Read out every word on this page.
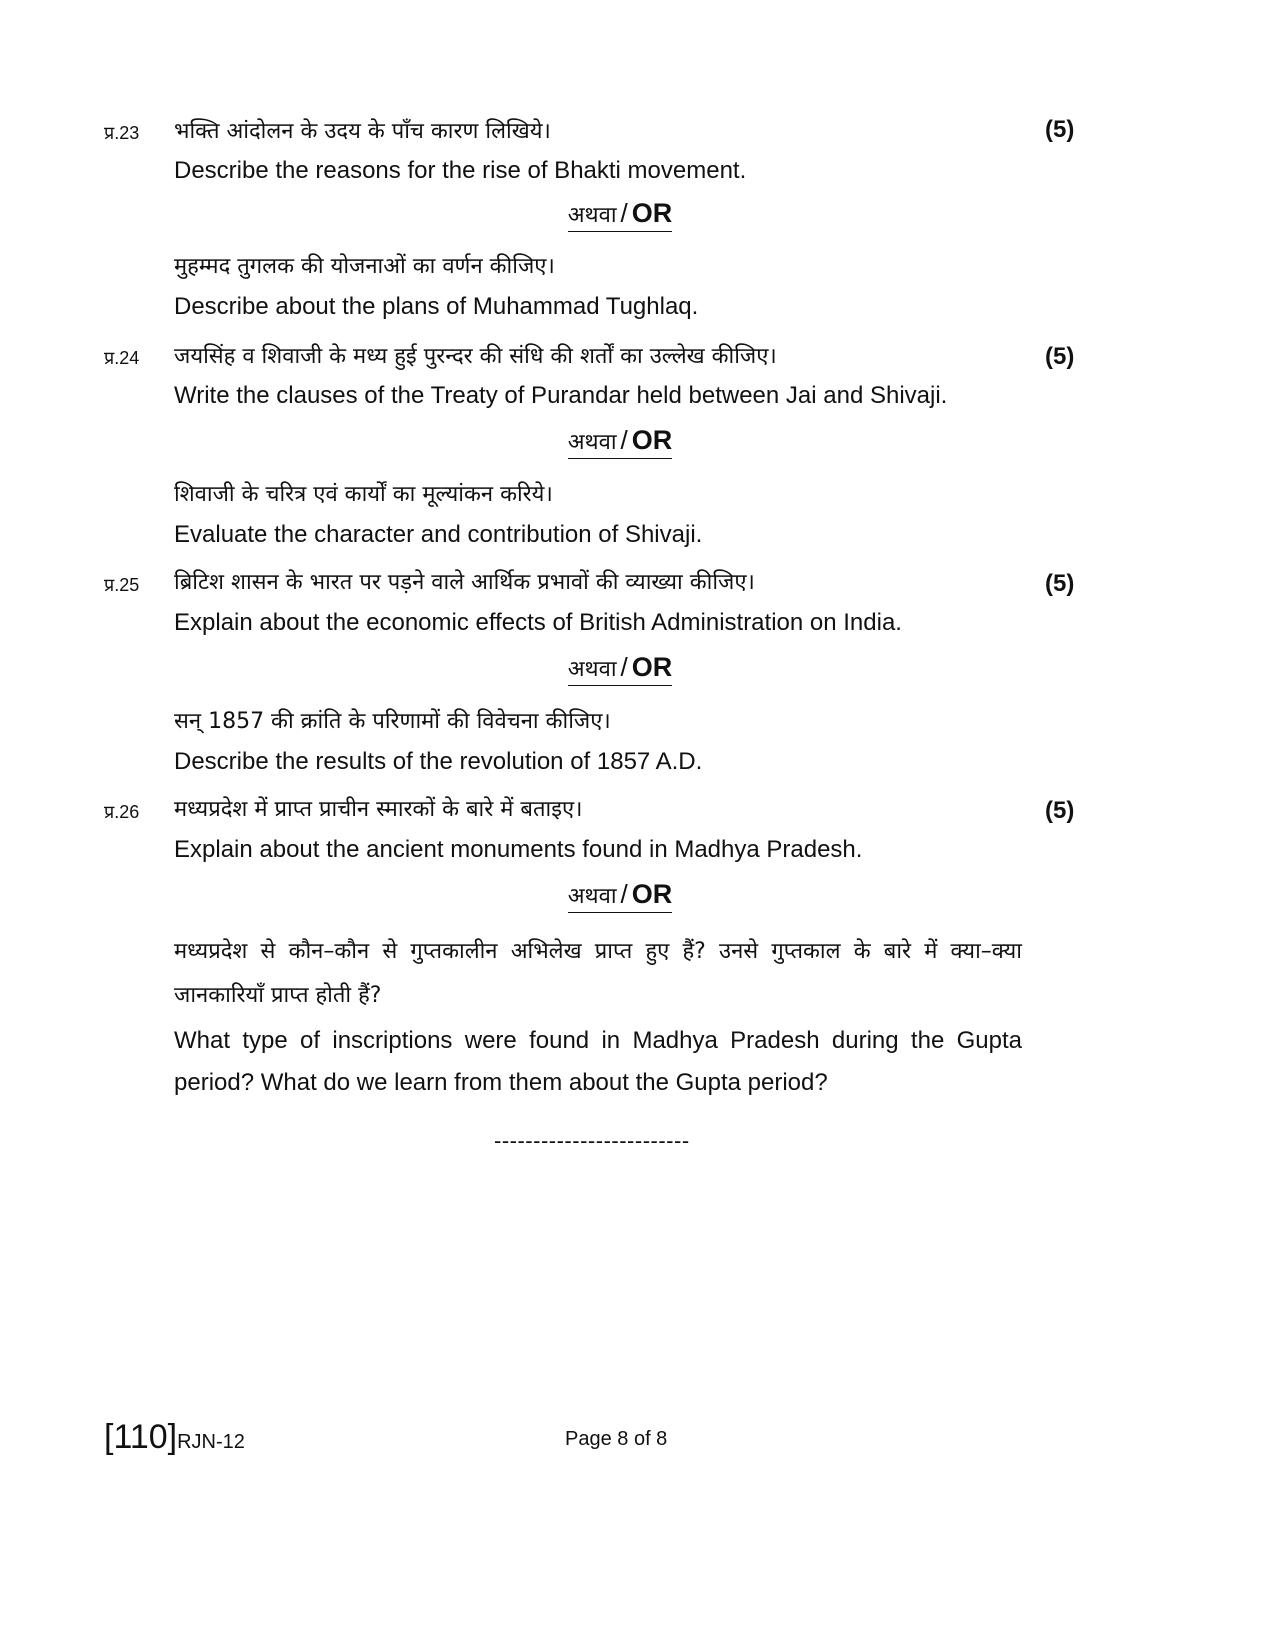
प्र.23 भक्ति आंदोलन के उदय के पाँच कारण लिखिये।	(5)
Describe the reasons for the rise of Bhakti movement.
अथवा / OR
मुहम्मद तुगलक की योजनाओं का वर्णन कीजिए।
Describe about the plans of Muhammad Tughlaq.
प्र.24 जयसिंह व शिवाजी के मध्य हुई पुरन्दर की संधि की शर्तों का उल्लेख कीजिए।	(5)
Write the clauses of the Treaty of Purandar held between Jai and Shivaji.
अथवा / OR
शिवाजी के चरित्र एवं कार्यों का मूल्यांकन करिये।
Evaluate the character and contribution of Shivaji.
प्र.25 ब्रिटिश शासन के भारत पर पड़ने वाले आर्थिक प्रभावों की व्याख्या कीजिए।	(5)
Explain about the economic effects of British Administration on India.
अथवा / OR
सन् 1857 की क्रांति के परिणामों की विवेचना कीजिए।
Describe the results of the revolution of 1857 A.D.
प्र.26 मध्यप्रदेश में प्राप्त प्राचीन स्मारकों के बारे में बताइए।	(5)
Explain about the ancient monuments found in Madhya Pradesh.
अथवा / OR
मध्यप्रदेश से कौन–कौन से गुप्तकालीन अभिलेख प्राप्त हुए हैं? उनसे गुप्तकाल के बारे में क्या–क्या जानकारियाँ प्राप्त होती हैं?
What type of inscriptions were found in Madhya Pradesh during the Gupta period? What do we learn from them about the Gupta period?
-------------------------
[110]RJN-12	Page 8 of 8
